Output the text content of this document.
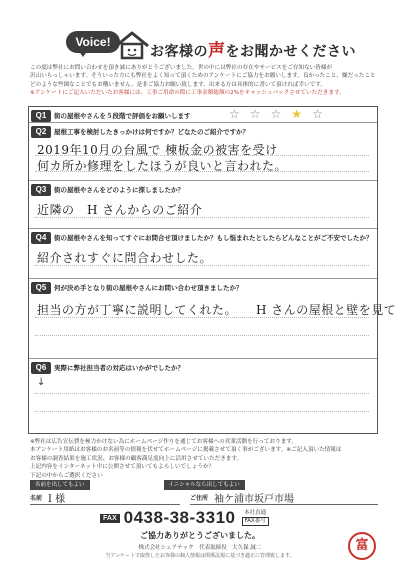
Voice!
お客様の声をお聞かせください
この度は弊社にお問い合わせを頂き誠にありがとうございました。世の中には弊社の存在やサービスをご存知ない皆様が
沢山いらっしゃいます。そういった方にも弊社をよく知って頂くためのアンケートにご協力をお願いします。良かったこと、嫌だったこと
どのような些細なことでもお構いません。是非ご協力お願い致します。出来る方は具体的に書いて頂ければ幸いです。
※アンケートにご記入いただいたお客様には、工事ご用命の際に工事金額総額の2%をキャッシュバックさせていただきます。
Q1	街の屋根やさんを５段階で評価をお願いします	☆ ☆ ☆ ★ ☆
Q2	屋根工事を検討したきっかけは何ですか？どなたのご紹介ですか？
2019年10月の台風で 棟板金の被害を受け
何カ所か修理をしたほうが良いと言われた。
Q3	街の屋根やさんをどのように探しましたか？
近隣の　H さんからのご紹介
Q4	街の屋根やさんを知ってすぐにお問合せ頂けましたか？もし悩まれたとしたらどんなことがご不安でしたか？
紹介されすぐに問合わせした。
Q5	何が決め手となり街の屋根やさんにお問い合わせ頂きましたか？
担当の方が丁寧に説明してくれた。　　H さんの屋根と壁を見て
Q6	実際に弊社担当者の対応はいかがでしたか？
↓
※弊社は広告宣伝費を極力かけない為にホームページ作りを通じてお客様への営業活動を行っております。
本アンケート用紙はお客様のお名前等の情報を伏せてホームページに掲載させて頂く事がございます。※ご記入頂いた情報は
お客様の調査結果を施工状況、お客様の顧客満足度向上に活用させていただきます。
上記内容をインターネット中に公開させて頂いてもよろしいでしょうか？
下記の中からご選択ください
名前を出してもよい	イニシャルなら出してもよい
名前 I 様	ご住所 袖ケ浦市坂戸市場
FAX 0438-38-3310	本社直通
FAX番号
ご協力ありがとうございました。
株式会社シェアテック　代表取締役　大久保 誠二
当アンケートで取得したお客様の個人情報は関係法規に基づき適正に管理致します。
富
